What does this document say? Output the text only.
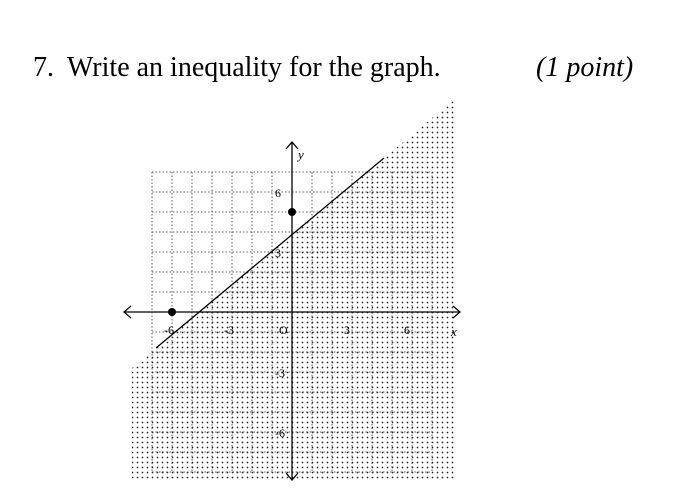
7. Write an inequality for the graph.	(1 point)
x
y
-6	-3	O	3	6
6
3
-3
-6
